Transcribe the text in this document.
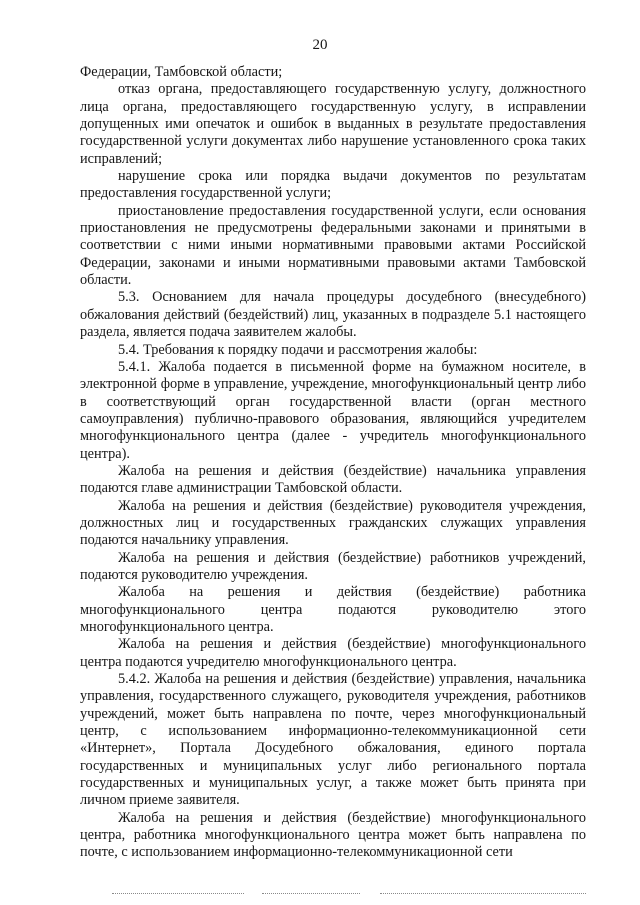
20

Федерации, Тамбовской области;

отказ органа, предоставляющего государственную услугу, должностного лица органа, предоставляющего государственную услугу, в исправлении допущенных ими опечаток и ошибок в выданных в результате предоставления государственной услуги документах либо нарушение установленного срока таких исправлений;

нарушение срока или порядка выдачи документов по результатам предоставления государственной услуги;

приостановление предоставления государственной услуги, если основания приостановления не предусмотрены федеральными законами и принятыми в соответствии с ними иными нормативными правовыми актами Российской Федерации, законами и иными нормативными правовыми актами Тамбовской области.

5.3. Основанием для начала процедуры досудебного (внесудебного) обжалования действий (бездействий) лиц, указанных в подразделе 5.1 настоящего раздела, является подача заявителем жалобы.

5.4. Требования к порядку подачи и рассмотрения жалобы:

5.4.1. Жалоба подается в письменной форме на бумажном носителе, в электронной форме в управление, учреждение, многофункциональный центр либо в соответствующий орган государственной власти (орган местного самоуправления) публично-правового образования, являющийся учредителем многофункционального центра (далее - учредитель многофункционального центра).

Жалоба на решения и действия (бездействие) начальника управления подаются главе администрации Тамбовской области.

Жалоба на решения и действия (бездействие) руководителя учреждения, должностных лиц и государственных гражданских служащих управления подаются начальнику управления.

Жалоба на решения и действия (бездействие) работников учреждений, подаются руководителю учреждения.

Жалоба на решения и действия (бездействие) работника многофункционального центра подаются руководителю этого многофункционального центра.

Жалоба на решения и действия (бездействие) многофункционального центра подаются учредителю многофункционального центра.

5.4.2. Жалоба на решения и действия (бездействие) управления, начальника управления, государственного служащего, руководителя учреждения, работников учреждений, может быть направлена по почте, через многофункциональный центр, с использованием информационно-телекоммуникационной сети «Интернет», Портала Досудебного обжалования, единого портала государственных и муниципальных услуг либо регионального портала государственных и муниципальных услуг, а также может быть принята при личном приеме заявителя.

Жалоба на решения и действия (бездействие) многофункционального центра, работника многофункционального центра может быть направлена по почте, с использованием информационно-телекоммуникационной сети
